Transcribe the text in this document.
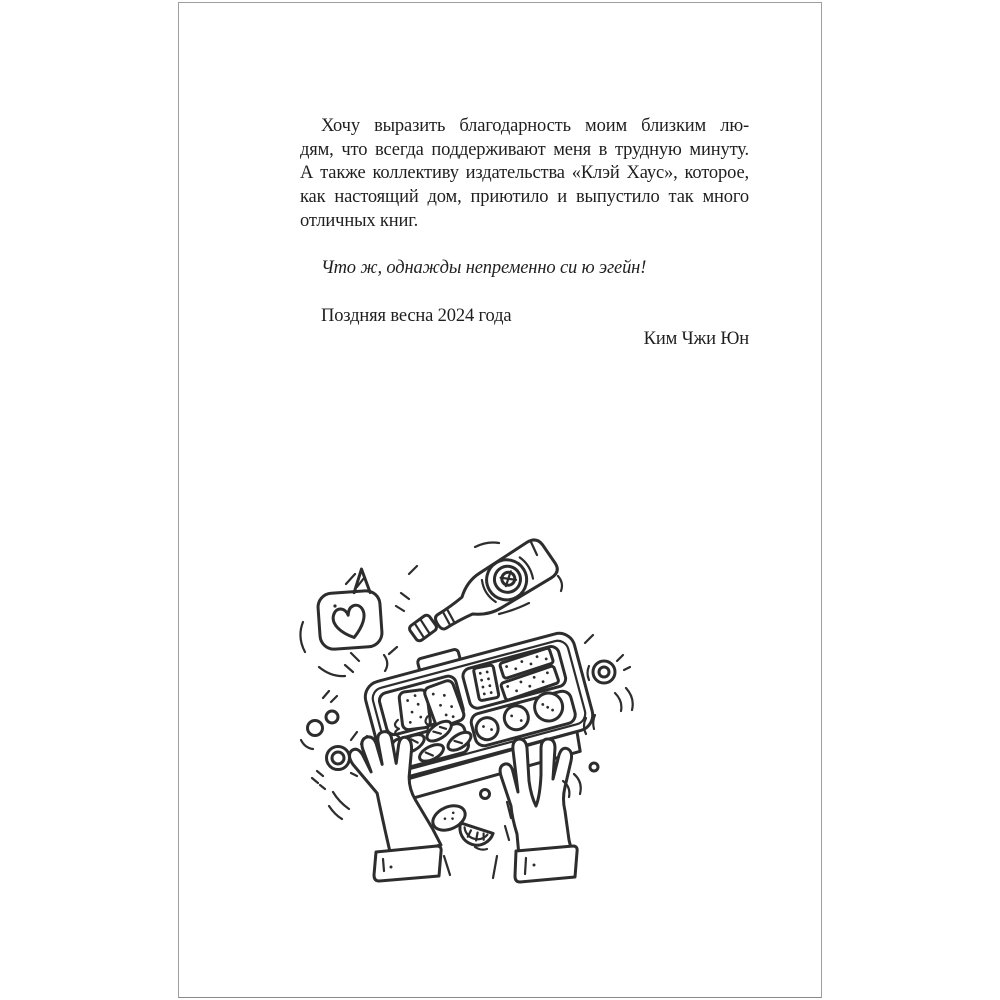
Хочу выразить благодарность моим близким лю-
дям, что всегда поддерживают меня в трудную минуту.
А также коллективу издательства «Клэй Хаус», которое,
как настоящий дом, приютило и выпустило так много
отличных книг.
Что ж, однажды непременно си ю эгейн!
Поздняя весна 2024 года
Ким Чжи Юн
